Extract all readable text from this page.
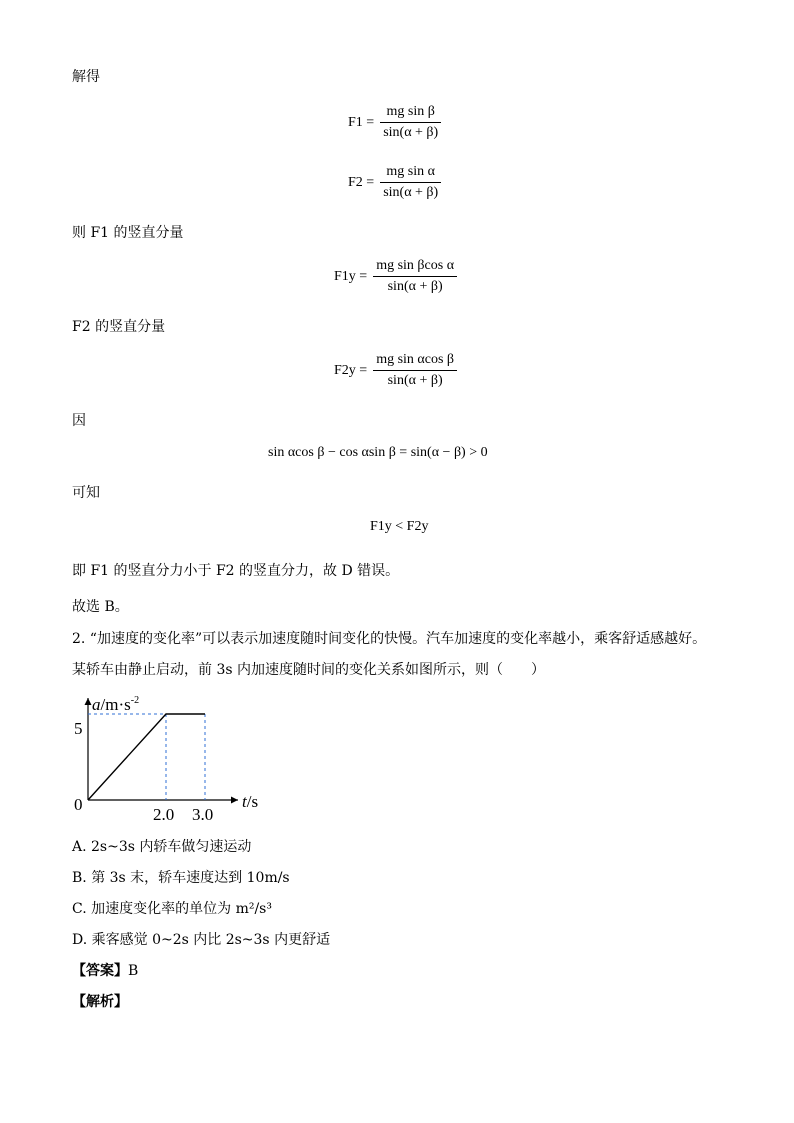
解得
$F1 = \frac{\text{mg sin β}}{\sin(\alpha + \beta)}$
$F2 = \frac{\text{mg sin α}}{\sin(\alpha + \beta)}$
则 F1 的竖直分量
$F1y = \frac{\text{mg sin βcos α}}{\sin(\alpha + \beta)}$
F2 的竖直分量
$F2y = \frac{\text{mg sin αcos β}}{\sin(\alpha + \beta)}$
因
sin αcos β − cos αsin β = sin(α − β) > 0
可知
F1y < F2y
即 F1 的竖直分力小于 F2 的竖直分力，故 D 错误。
故选 B。
2. “加速度的变化率”可以表示加速度随时间变化的快慢。汽车加速度的变化率越小，乘客舒适感越好。
某轿车由静止启动，前 3s 内加速度随时间的变化关系如图所示，则（　　）
$a/m\cdot s^{-2}$
t/s
0
5
2.0 3.0
A. 2s~3s 内轿车做匀速运动
B. 第 3s 末，轿车速度达到 10m/s
C. 加速度变化率的单位为 m²/s³
D. 乘客感觉 0~2s 内比 2s~3s 内更舒适
【答案】B
【解析】
